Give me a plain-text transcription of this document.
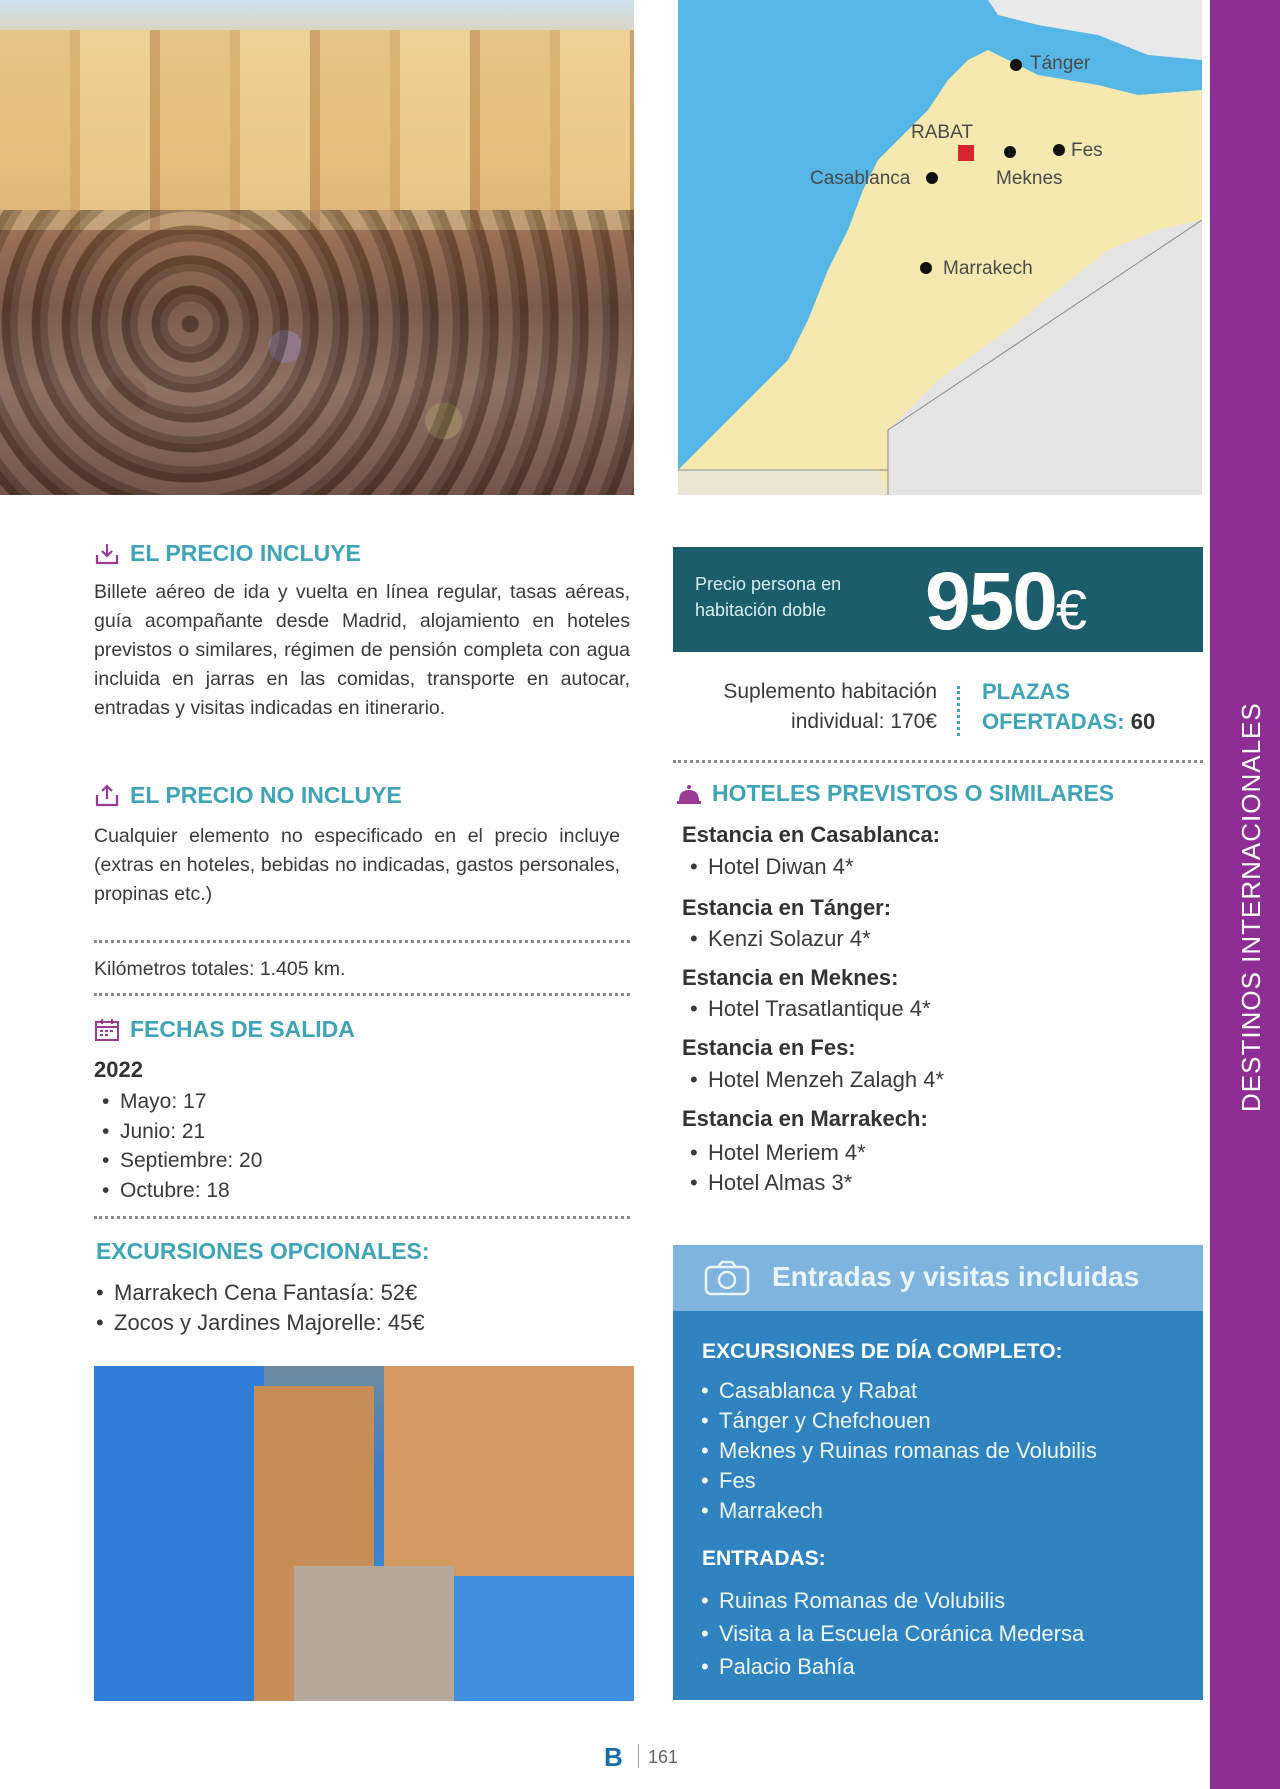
Tánger
RABAT
Fes
Casablanca	Meknes
Marrakech
DESTINOS INTERNACIONALES
EL PRECIO INCLUYE
Billete aéreo de ida y vuelta en línea regular, tasas aéreas, guía acompañante desde Madrid, alojamiento en hoteles previstos o similares, régimen de pensión completa con agua incluida en jarras en las comidas, transporte en autocar, entradas y visitas indicadas en itinerario.
EL PRECIO NO INCLUYE
Cualquier elemento no especificado en el precio incluye (extras en hoteles, bebidas no indicadas, gastos personales, propinas etc.)
Kilómetros totales: 1.405 km.
FECHAS DE SALIDA
2022
• Mayo: 17
• Junio: 21
• Septiembre: 20
• Octubre: 18
EXCURSIONES OPCIONALES:
• Marrakech Cena Fantasía: 52€
• Zocos y Jardines Majorelle: 45€
Precio persona en
habitación doble 950€
Suplemento habitación
individual: 170€
PLAZAS
OFERTADAS: 60
HOTELES PREVISTOS O SIMILARES
Estancia en Casablanca:
• Hotel Diwan 4*
Estancia en Tánger:
• Kenzi Solazur 4*
Estancia en Meknes:
• Hotel Trasatlantique 4*
Estancia en Fes:
• Hotel Menzeh Zalagh 4*
Estancia en Marrakech:
• Hotel Meriem 4*
• Hotel Almas 3*
Entradas y visitas incluidas
EXCURSIONES DE DÍA COMPLETO:
• Casablanca y Rabat
• Tánger y Chefchouen
• Meknes y Ruinas romanas de Volubilis
• Fes
• Marrakech
ENTRADAS:
• Ruinas Romanas de Volubilis
• Visita a la Escuela Coránica Medersa
• Palacio Bahía
B 161
